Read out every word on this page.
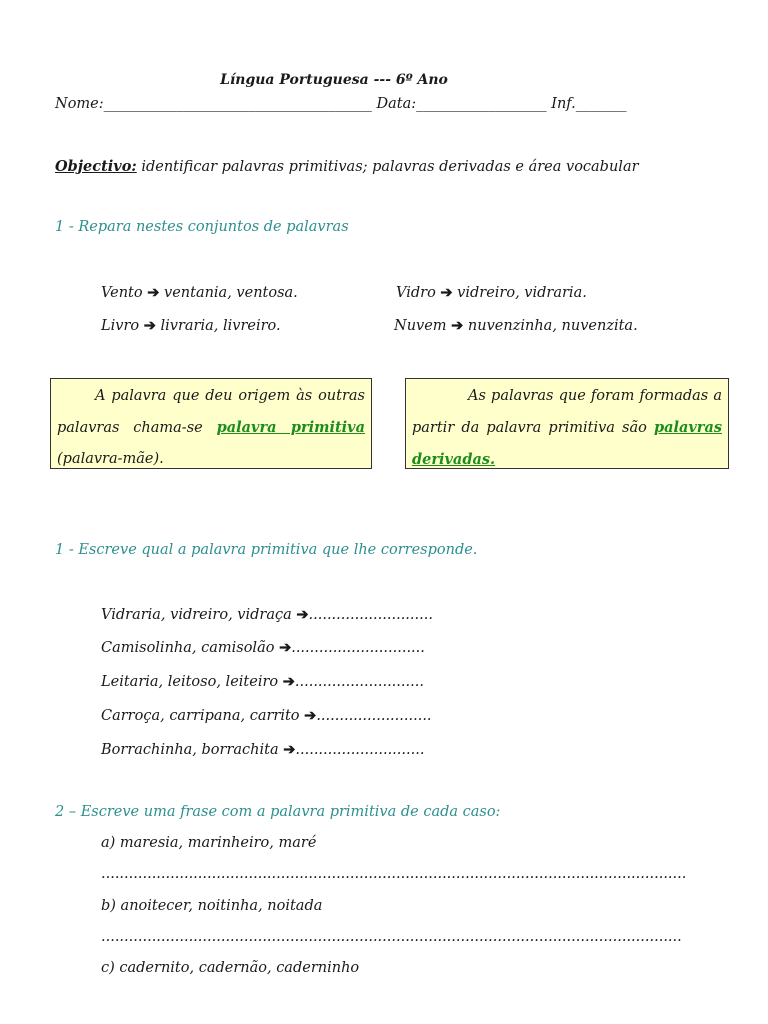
Língua Portuguesa --- 6º Ano
Nome:_____________________________________ Data:__________________ Inf._______
Objectivo: identificar palavras primitivas; palavras derivadas e área vocabular
1 - Repara nestes conjuntos de palavras
Vento ➔ ventania, ventosa.	Vidro ➔ vidreiro, vidraria.
Livro ➔ livraria, livreiro.	Nuvem ➔ nuvenzinha, nuvenzita.
A palavra que deu origem às outras palavras chama-se palavra primitiva (palavra-mãe).
As palavras que foram formadas a partir da palavra primitiva são palavras derivadas.
1 - Escreve qual a palavra primitiva que lhe corresponde.
Vidraria, vidreiro, vidraça ➔...........................
Camisolinha, camisolão ➔.............................
Leitaria, leitoso, leiteiro ➔............................
Carroça, carripana, carrito ➔.........................
Borrachinha, borrachita ➔............................
2 – Escreve uma frase com a palavra primitiva de cada caso:
a) maresia, marinheiro, maré
...............................................................................................................................
b) anoitecer, noitinha, noitada
..............................................................................................................................
c) cadernito, cadernão, caderninho
